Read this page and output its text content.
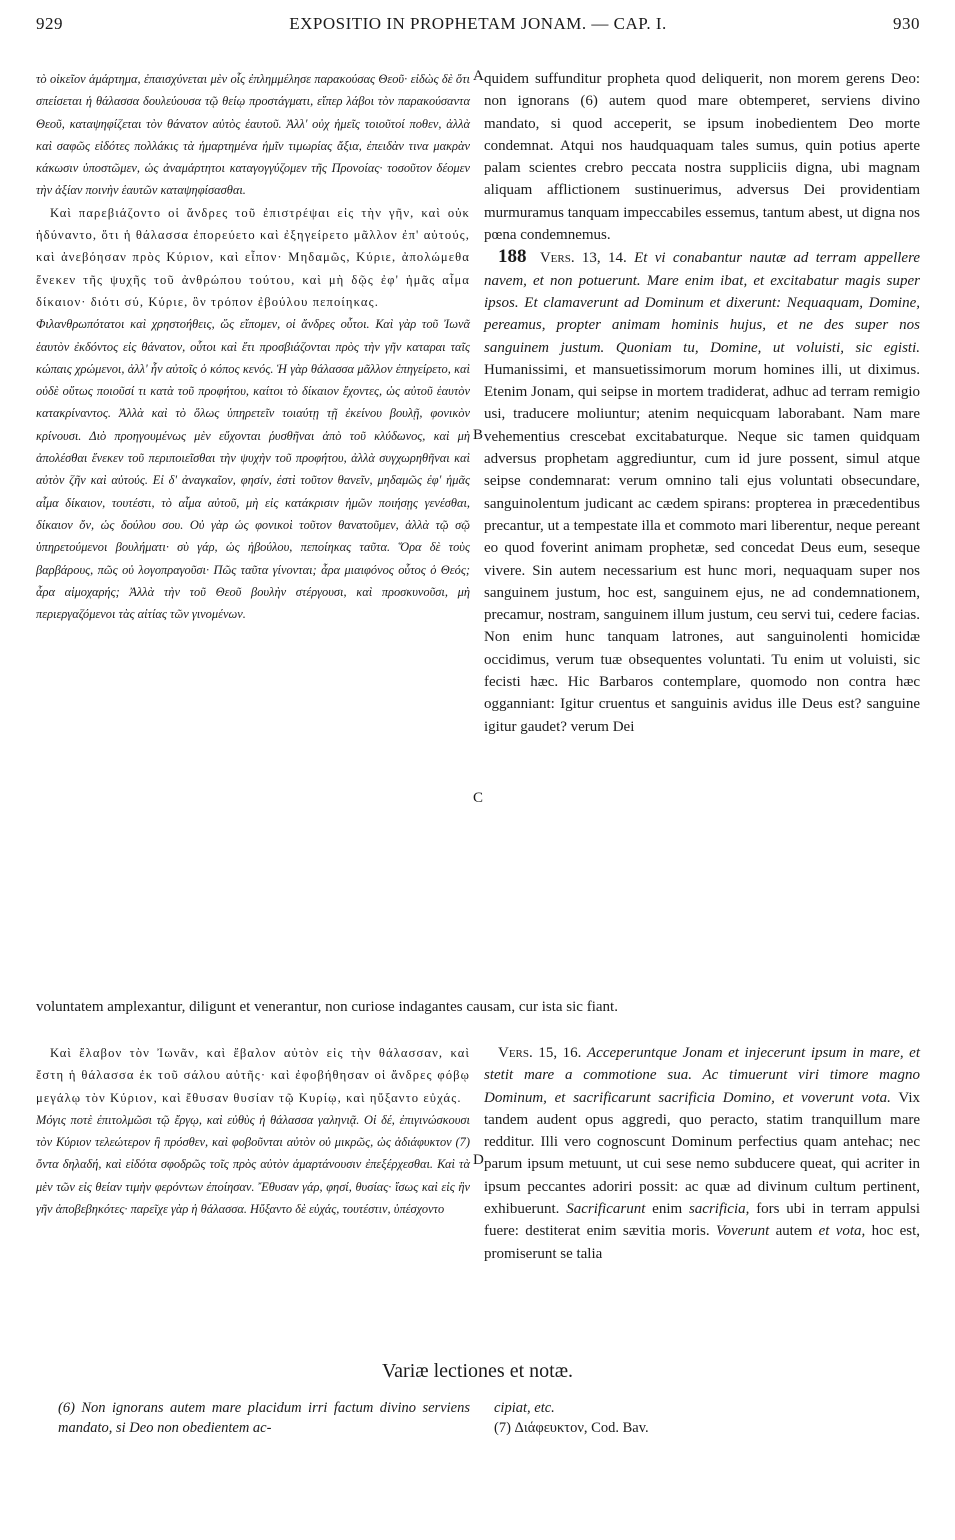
929	EXPOSITIO IN PROPHETAM JONAM. — CAP. I.	930

τὸ οἰκεῖον ἁμάρτημα, ἐπαισχύνεται μὲν οἷς ἐπλημμέλησε παρακούσας Θεοῦ· εἰδὼς δὲ ὅτι σπείσεται ἡ θάλασσα δουλεύουσα τῷ θείῳ προστάγματι, εἴπερ λάβοι τὸν παρακούσαντα Θεοῦ, καταψηφίζεται τὸν θάνατον αὐτὸς ἑαυτοῦ. Ἀλλ' οὐχ ἡμεῖς τοιοῦτοί ποθεν, ἀλλὰ καὶ σαφῶς εἰδότες πολλάκις τὰ ἡμαρτημένα ἡμῖν τιμωρίας ἄξια, ἐπειδὰν τινα μακρὰν κάκωσιν ὑποστῶμεν, ὡς ἀναμάρτητοι καταγογγύζομεν τῆς Προνοίας· τοσοῦτον δέομεν τὴν ἀξίαν ποινὴν ἑαυτῶν καταψηφίσασθαι.

Καὶ παρεβιάζοντο οἱ ἄνδρες τοῦ ἐπιστρέψαι εἰς τὴν γῆν, καὶ οὐκ ἠδύναντο, ὅτι ἡ θάλασσα ἐπορεύετο καὶ ἐξηγείρετο μᾶλλον ἐπ' αὐτούς, καὶ ἀνεβόησαν πρὸς Κύριον, καὶ εἶπον· Μηδαμῶς, Κύριε, ἀπολώμεθα ἕνεκεν τῆς ψυχῆς τοῦ ἀνθρώπου τούτου, καὶ μὴ δῷς ἐφ' ἡμᾶς αἷμα δίκαιον· διότι σύ, Κύριε, ὃν τρόπον ἐβούλου πεποίηκας.

Φιλανθρωπότατοι καὶ χρηστοήθεις, ὥς εἴπομεν, οἱ ἄνδρες οὗτοι. Καὶ γὰρ τοῦ Ἰωνᾶ ἑαυτὸν ἐκδόντος εἰς θάνατον, οὗτοι καὶ ἔτι προσβιάζονται πρὸς τὴν γῆν καταραι ταῖς κώπαις χρώμενοι, ἀλλ' ἦν αὐτοῖς ὁ κόπος κενός. Ἡ γὰρ θάλασσα μᾶλλον ἐπηγείρετο, καὶ οὐδὲ οὕτως ποιοῦσί τι κατὰ τοῦ προφήτου, καίτοι τὸ δίκαιον ἔχοντες, ὡς αὐτοῦ ἑαυτὸν κατακρίναντος. Ἀλλὰ καὶ τὸ ὅλως ὑπηρετεῖν τοιαύτῃ τῇ ἐκείνου βουλῇ, φονικὸν κρίνουσι. Διὸ προηγουμένως μὲν εὔχονται ῥυσθῆναι ἀπὸ τοῦ κλύδωνος, καὶ μὴ ἀπολέσθαι ἕνεκεν τοῦ περιποιεῖσθαι τὴν ψυχὴν τοῦ προφήτου, ἀλλὰ συγχωρηθῆναι καὶ αὐτὸν ζῆν καὶ αὐτούς. Εἰ δ' ἀναγκαῖον, φησίν, ἐστὶ τοῦτον θανεῖν, μηδαμῶς ἐφ' ἡμᾶς αἷμα δίκαιον, τουτέστι, τὸ αἷμα αὐτοῦ, μὴ εἰς κατάκρισιν ἡμῶν ποιήσῃς γενέσθαι, δίκαιον ὄν, ὡς δούλου σου. Οὐ γὰρ ὡς φονικοὶ τοῦτον θανατοῦμεν, ἀλλὰ τῷ σῷ ὑπηρετούμενοι βουλήματι· σὺ γάρ, ὡς ἠβούλου, πεποίηκας ταῦτα. Ὅρα δὲ τοὺς βαρβάρους, πῶς οὐ λογοπραγοῦσι· Πῶς ταῦτα γίνονται; ἆρα μιαιφόνος οὗτος ὁ Θεός; ἆρα αἱμοχαρής; Ἀλλὰ τὴν τοῦ Θεοῦ βουλὴν στέργουσι, καὶ προσκυνοῦσι, μὴ περιεργαζόμενοι τὰς αἰτίας τῶν γινομένων.

quidem suffunditur propheta quod deliquerit, non morem gerens Deo: non ignorans (6) autem quod mare obtemperet, serviens divino mandato, si quod acceperit, se ipsum inobedientem Deo morte condemnat. Atqui nos haudquaquam tales sumus, quin potius aperte palam scientes crebro peccata nostra suppliciis digna, ubi magnam aliquam afflictionem sustinuerimus, adversus Dei providentiam murmuramus tanquam impeccabiles essemus, tantum abest, ut digna nos pœna condemnemus.

188 Vers. 13, 14. Et vi conabantur nautæ ad terram appellere navem, et non potuerunt. Mare enim ibat, et excitabatur magis super ipsos. Et clamaverunt ad Dominum et dixerunt: Nequaquam, Domine, pereamus, propter animam hominis hujus, et ne des super nos sanguinem justum. Quoniam tu, Domine, ut voluisti, sic egisti. Humanissimi, et mansuetissimorum morum homines illi, ut diximus. Etenim Jonam, qui seipse in mortem tradiderat, adhuc ad terram remigio usi, traducere moliuntur; atenim nequicquam laborabant. Nam mare vehementius crescebat excitabaturque. Neque sic tamen quidquam adversus prophetam aggrediuntur, cum id jure possent, simul atque seipse condemnarat: verum omnino tali ejus voluntati obsecundare, sanguinolentum judicant ac cædem spirans: propterea in præcedentibus precantur, ut a tempestate illa et commoto mari liberentur, neque pereant eo quod foverint animam prophetæ, sed concedat Deus eum, seseque vivere. Sin autem necessarium est hunc mori, nequaquam super nos sanguinem justum, hoc est, sanguinem ejus, ne ad condemnationem, precamur, nostram, sanguinem illum justum, ceu servi tui, cedere facias. Non enim hunc tanquam latrones, aut sanguinolenti homicidæ occidimus, verum tuæ obsequentes voluntati. Tu enim ut voluisti, sic fecisti hæc. Hic Barbaros contemplare, quomodo non contra hæc ogganniant: Igitur cruentus et sanguinis avidus ille Deus est? sanguine igitur gaudet? verum Dei

A
B
C
D

voluntatem amplexantur, diligunt et venerantur, non curiose indagantes causam, cur ista sic fiant.

Καὶ ἔλαβον τὸν Ἰωνᾶν, καὶ ἔβαλον αὐτὸν εἰς τὴν θάλασσαν, καὶ ἔστη ἡ θάλασσα ἐκ τοῦ σάλου αὐτῆς· καὶ ἐφοβήθησαν οἱ ἄνδρες φόβῳ μεγάλῳ τὸν Κύριον, καὶ ἔθυσαν θυσίαν τῷ Κυρίῳ, καὶ ηὔξαντο εὐχάς.

Μόγις ποτὲ ἐπιτολμῶσι τῷ ἔργῳ, καὶ εὐθὺς ἡ θάλασσα γαληνιᾷ. Οἱ δέ, ἐπιγινώσκουσι τὸν Κύριον τελεώτερον ἢ πρόσθεν, καὶ φοβοῦνται αὐτὸν οὐ μικρῶς, ὡς ἀδιάφυκτον (7) ὄντα δηλαδή, καὶ εἰδότα σφοδρῶς τοῖς πρὸς αὐτὸν ἁμαρτάνουσιν ἐπεξέρχεσθαι. Καὶ τὰ μὲν τῶν εἰς θείαν τιμὴν φερόντων ἐποίησαν. Ἔθυσαν γάρ, φησί, θυσίας· ἴσως καὶ εἰς ἣν γῆν ἀποβεβηκότες· παρεῖχε γὰρ ἡ θάλασσα. Ηὔξαντο δὲ εὐχάς, τουτέστιν, ὑπέσχοντο

Vers. 15, 16. Acceperuntque Jonam et injecerunt ipsum in mare, et stetit mare a commotione sua. Ac timuerunt viri timore magno Dominum, et sacrificarunt sacrificia Domino, et voverunt vota. Vix tandem audent opus aggredi, quo peracto, statim tranquillum mare redditur. Illi vero cognoscunt Dominum perfectius quam antehac; nec parum ipsum metuunt, ut cui sese nemo subducere queat, qui acriter in ipsum peccantes adoriri possit: ac quæ ad divinum cultum pertinent, exhibuerunt. Sacrificarunt enim sacrificia, fors ubi in terram appulsi fuere: destiterat enim sævitia moris. Voverunt autem et vota, hoc est, promiserunt se talia

Variæ lectiones et notæ.

(6) Non ignorans autem mare placidum irri factum divino serviens mandato, si Deo non obedientem ac-

cipiat, etc.
(7) Διάφευκτον, Cod. Bav.
